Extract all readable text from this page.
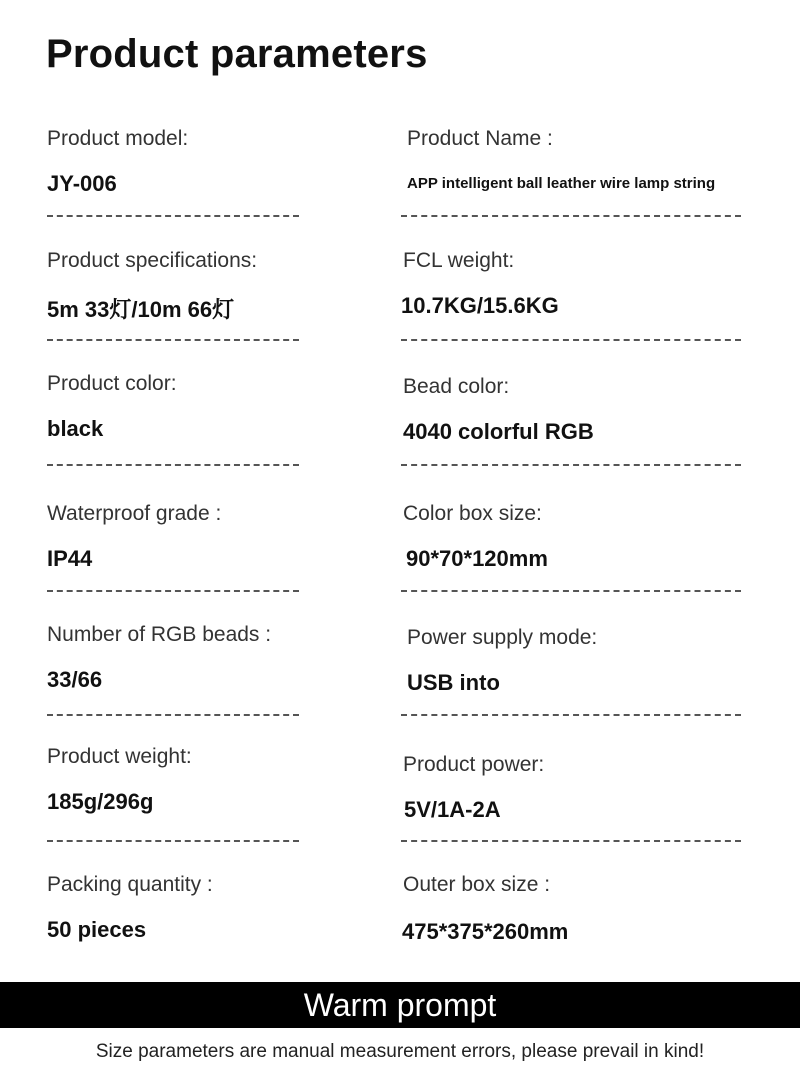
Product parameters
Product model:
JY-006
Product Name :
APP intelligent ball leather wire lamp string
Product specifications:
5m 33灯/10m 66灯
FCL weight:
10.7KG/15.6KG
Product color:
black
Bead color:
4040 colorful RGB
Waterproof grade :
IP44
Color box size:
90*70*120mm
Number of RGB beads :
33/66
Power supply mode:
USB into
Product weight:
185g/296g
Product power:
5V/1A-2A
Packing quantity :
50 pieces
Outer box size :
475*375*260mm
Warm prompt
Size parameters are manual measurement errors, please prevail in kind!
